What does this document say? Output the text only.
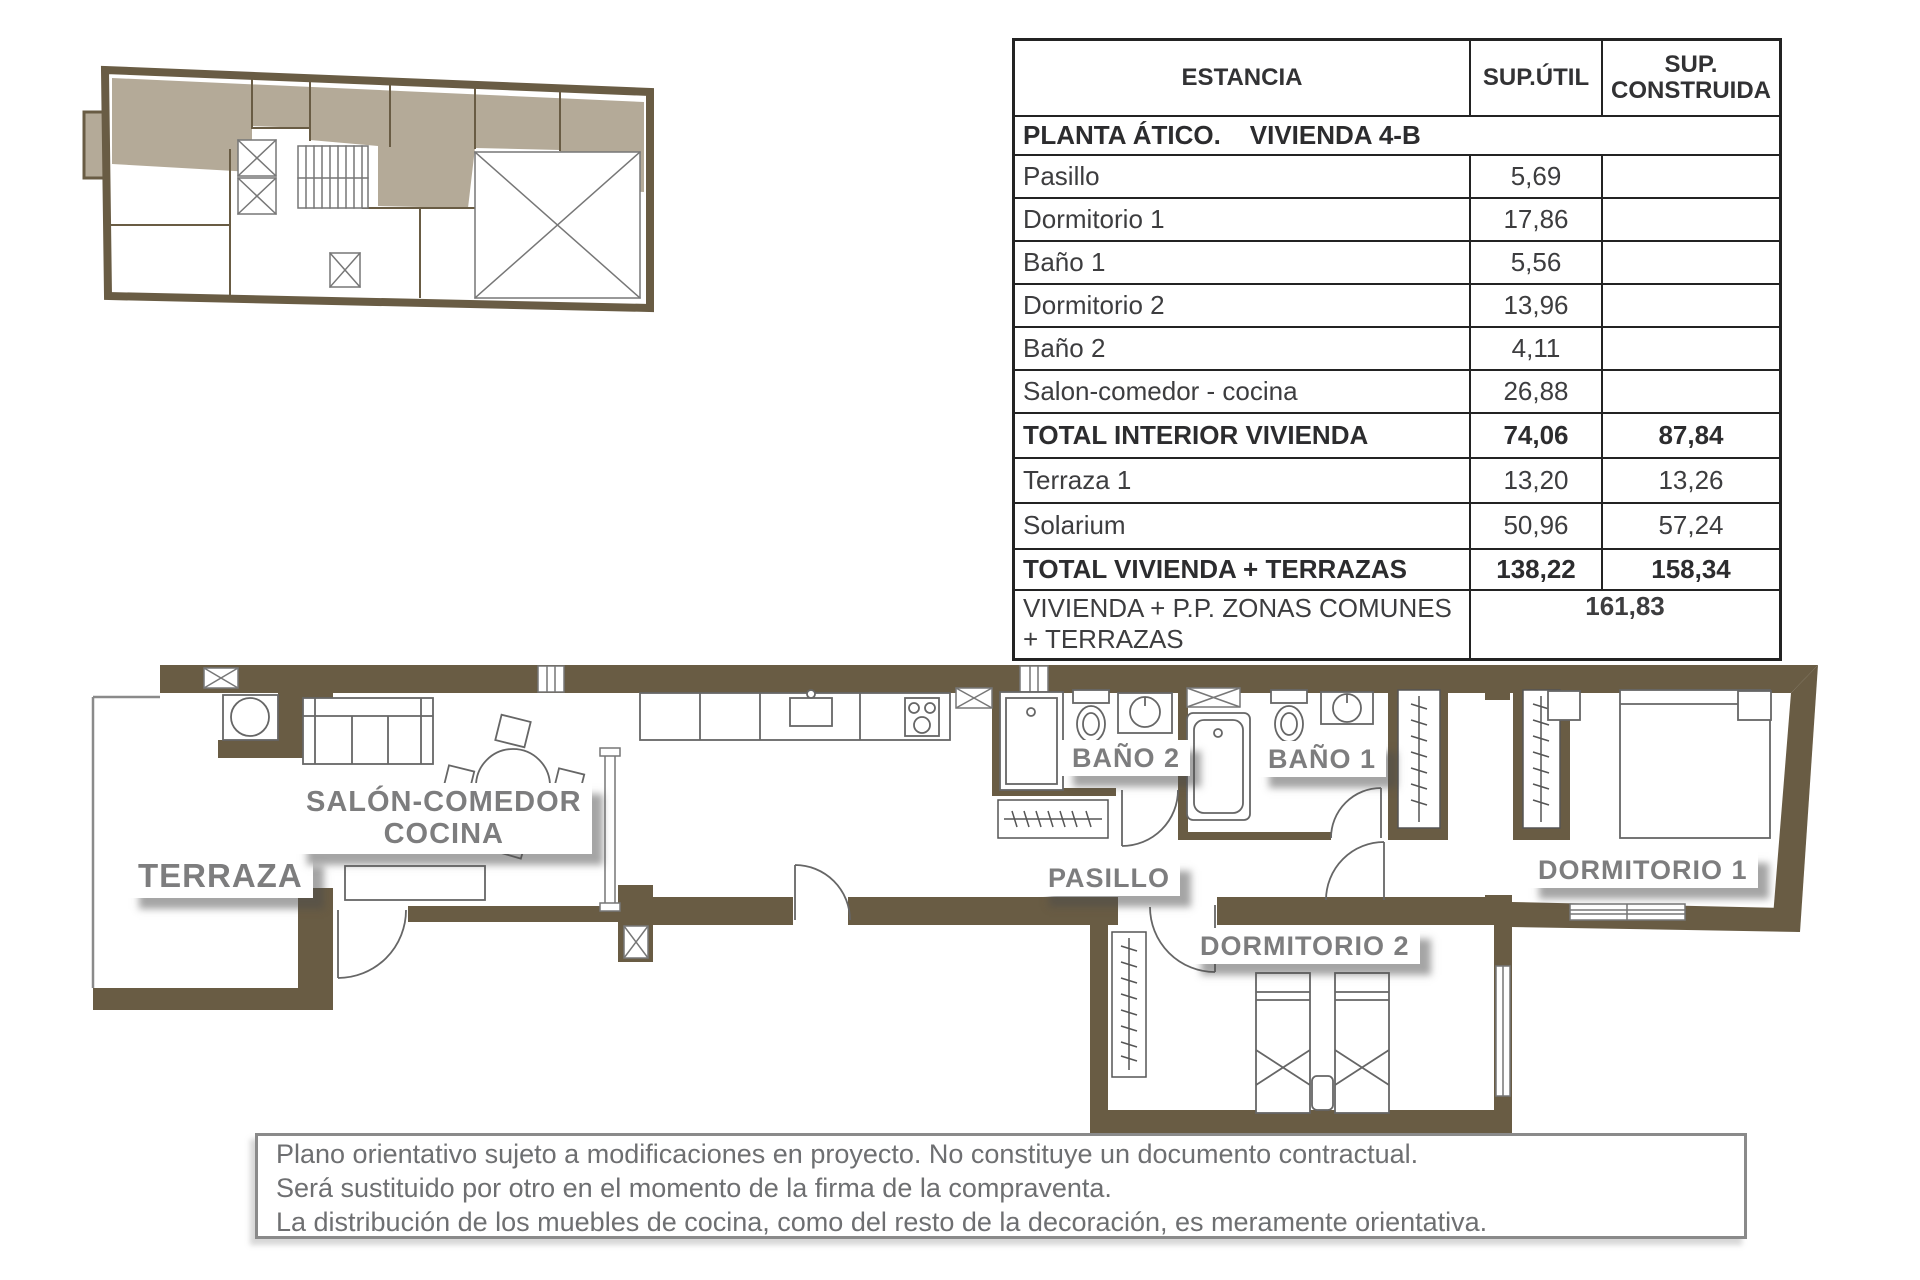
TERRAZA
SALÓN-COMEDOR
COCINA
BAÑO 2	BAÑO 1
PASILLO
DORMITORIO 2
DORMITORIO 1
ESTANCIA	SUP.ÚTIL	SUP. CONSTRUIDA
PLANTA ÁTICO.    VIVIENDA 4-B		
Pasillo	5,69	
Dormitorio 1	17,86	
Baño 1	5,56	
Dormitorio 2	13,96	
Baño 2	4,11	
Salon-comedor - cocina	26,88	
TOTAL INTERIOR VIVIENDA	74,06	87,84
Terraza 1	13,20	13,26
Solarium	50,96	57,24
TOTAL VIVIENDA + TERRAZAS	138,22	158,34
VIVIENDA + P.P. ZONAS COMUNES + TERRAZAS	161,83	
Plano orientativo sujeto a modificaciones en proyecto. No constituye un documento contractual.
Será sustituido por otro en el momento de la firma de la compraventa.
La distribución de los muebles de cocina, como del resto de la decoración, es meramente orientativa.
